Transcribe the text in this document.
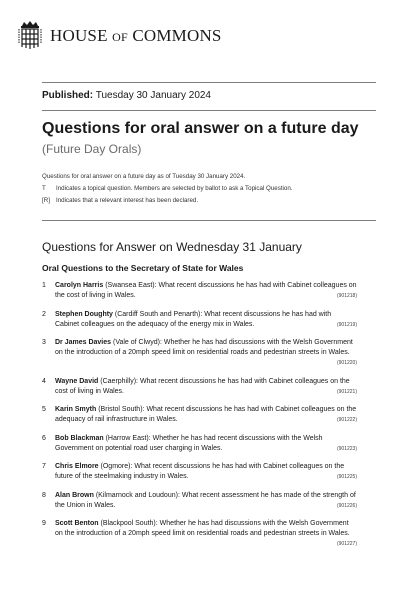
HOUSE OF COMMONS
Published: Tuesday 30 January 2024
Questions for oral answer on a future day
(Future Day Orals)
Questions for oral answer on a future day as of Tuesday 30 January 2024.
T	Indicates a topical question. Members are selected by ballot to ask a Topical Question.
[R] Indicates that a relevant interest has been declared.
Questions for Answer on Wednesday 31 January
Oral Questions to the Secretary of State for Wales
1	Carolyn Harris (Swansea East): What recent discussions he has had with Cabinet colleagues on the cost of living in Wales.	(901218)
2	Stephen Doughty (Cardiff South and Penarth): What recent discussions he has had with Cabinet colleagues on the adequacy of the energy mix in Wales.	(901219)
3	Dr James Davies (Vale of Clwyd): Whether he has had discussions with the Welsh Government on the introduction of a 20mph speed limit on residential roads and pedestrian streets in Wales.
(901220)
4	Wayne David (Caerphilly): What recent discussions he has had with Cabinet colleagues on the cost of living in Wales.	(901221)
5	Karin Smyth (Bristol South): What recent discussions he has had with Cabinet colleagues on the adequacy of rail infrastructure in Wales.	(901222)
6	Bob Blackman (Harrow East): Whether he has had recent discussions with the Welsh Government on potential road user charging in Wales.	(901223)
7	Chris Elmore (Ogmore): What recent discussions he has had with Cabinet colleagues on the future of the steelmaking industry in Wales.	(901225)
8	Alan Brown (Kilmarnock and Loudoun): What recent assessment he has made of the strength of the Union in Wales.	(901226)
9	Scott Benton (Blackpool South): Whether he has had discussions with the Welsh Government on the introduction of a 20mph speed limit on residential roads and pedestrian streets in Wales.
(901227)
